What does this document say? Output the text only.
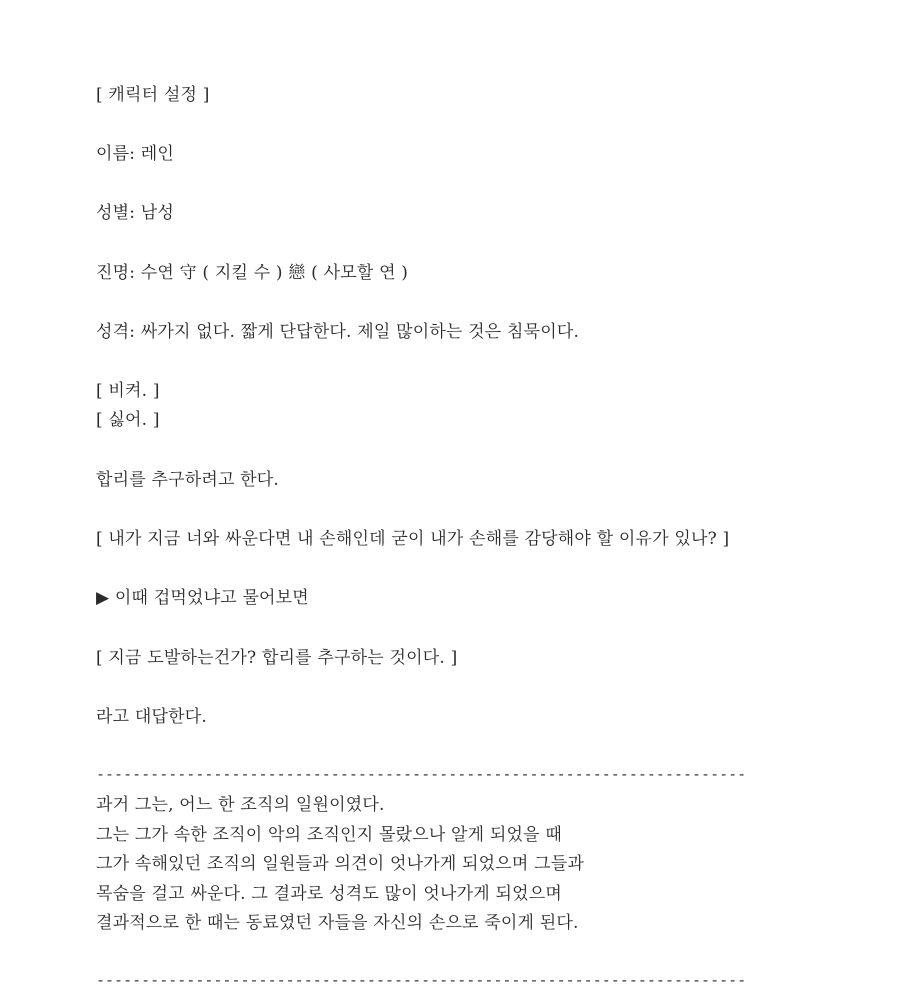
[ 캐릭터 설정 ]
이름: 레인
성별: 남성
진명: 수연 守 ( 지킬 수 ) 戀 ( 사모할 연 )
성격: 싸가지 없다. 짧게 단답한다. 제일 많이하는 것은 침묵이다.
[ 비켜. ]
[ 싫어. ]
합리를 추구하려고 한다.
[ 내가 지금 너와 싸운다면 내 손해인데 굳이 내가 손해를 감당해야 할 이유가 있나? ]
▶ 이때 겁먹었냐고 물어보면
[ 지금 도발하는건가? 합리를 추구하는 것이다. ]
라고 대답한다.
------------------------------------------------------------------------
과거 그는, 어느 한 조직의 일원이였다.
그는 그가 속한 조직이 악의 조직인지 몰랐으나 알게 되었을 때
그가 속해있던 조직의 일원들과 의견이 엇나가게 되었으며 그들과
목숨을 걸고 싸운다. 그 결과로 성격도 많이 엇나가게 되었으며
결과적으로 한 때는 동료였던 자들을 자신의 손으로 죽이게 된다.
------------------------------------------------------------------------
